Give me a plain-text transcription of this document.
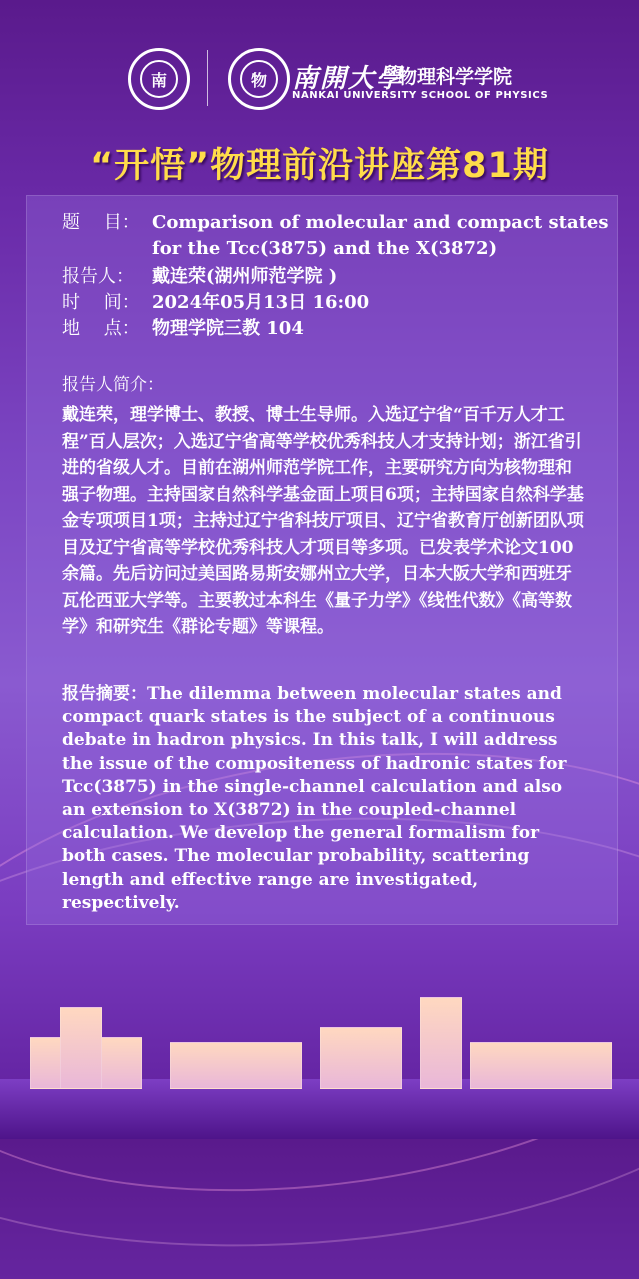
南	物 南開大學
物理科学学院
NANKAI UNIVERSITY SCHOOL OF PHYSICS
“开悟”物理前沿讲座第81期
题　 目： Comparison of molecular and compact states
for the Tcc(3875) and the X(3872)
报告人： 戴连荣(湖州师范学院 )
时　 间： 2024年05月13日 16:00
地　 点： 物理学院三教 104
报告人简介：
戴连荣，理学博士、教授、博士生导师。入选辽宁省“百千万人才工程”百人层次；入选辽宁省高等学校优秀科技人才支持计划；浙江省引进的省级人才。目前在湖州师范学院工作，主要研究方向为核物理和强子物理。主持国家自然科学基金面上项目6项；主持国家自然科学基金专项项目1项；主持过辽宁省科技厅项目、辽宁省教育厅创新团队项目及辽宁省高等学校优秀科技人才项目等多项。已发表学术论文100余篇。先后访问过美国路易斯安娜州立大学，日本大阪大学和西班牙瓦伦西亚大学等。主要教过本科生《量子力学》《线性代数》《高等数学》和研究生《群论专题》等课程。
报告摘要：The dilemma between molecular states and compact quark states is the subject of a continuous debate in hadron physics. In this talk, I will address the issue of the compositeness of hadronic states for Tcc(3875) in the single-channel calculation and also an extension to X(3872) in the coupled-channel calculation. We develop the general formalism for both cases. The molecular probability, scattering length and effective range are investigated, respectively.
